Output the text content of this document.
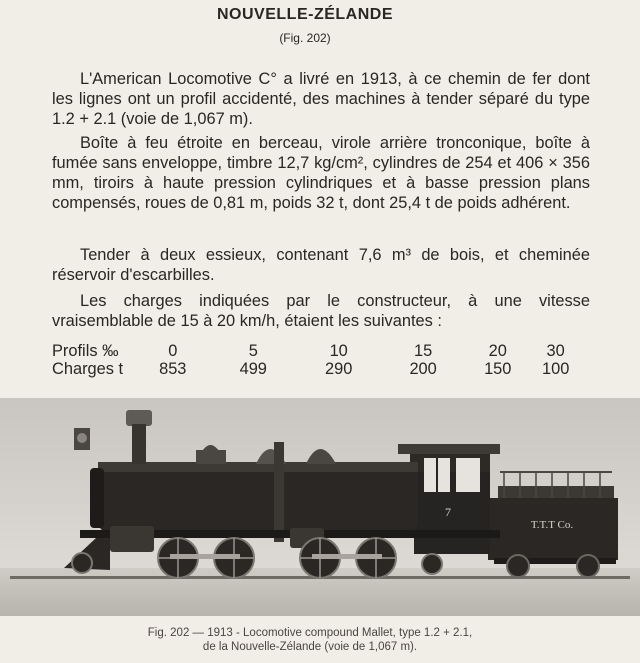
NOUVELLE-ZÉLANDE
(Fig. 202)

L'American Locomotive C° a livré en 1913, à ce chemin de fer dont les lignes ont un profil accidenté, des machines à tender séparé du type 1.2 + 2.1 (voie de 1,067 m).

Boîte à feu étroite en berceau, virole arrière tronconique, boîte à fumée sans enveloppe, timbre 12,7 kg/cm², cylindres de 254 et 406 × 356 mm, tiroirs à haute pression cylindriques et à basse pression plans compensés, roues de 0,81 m, poids 32 t, dont 25,4 t de poids adhérent.

Tender à deux essieux, contenant 7,6 m³ de bois, et cheminée réservoir d'escarbilles.

Les charges indiquées par le constructeur, à une vitesse vraisemblable de 15 à 20 km/h, étaient les suivantes :

Profils ‰	0	5	10	15	20	30
Charges t	853	499	290	200	150	100
7
T.T.T Co.
Fig. 202 — 1913 - Locomotive compound Mallet, type 1.2 + 2.1,
de la Nouvelle-Zélande (voie de 1,067 m).
